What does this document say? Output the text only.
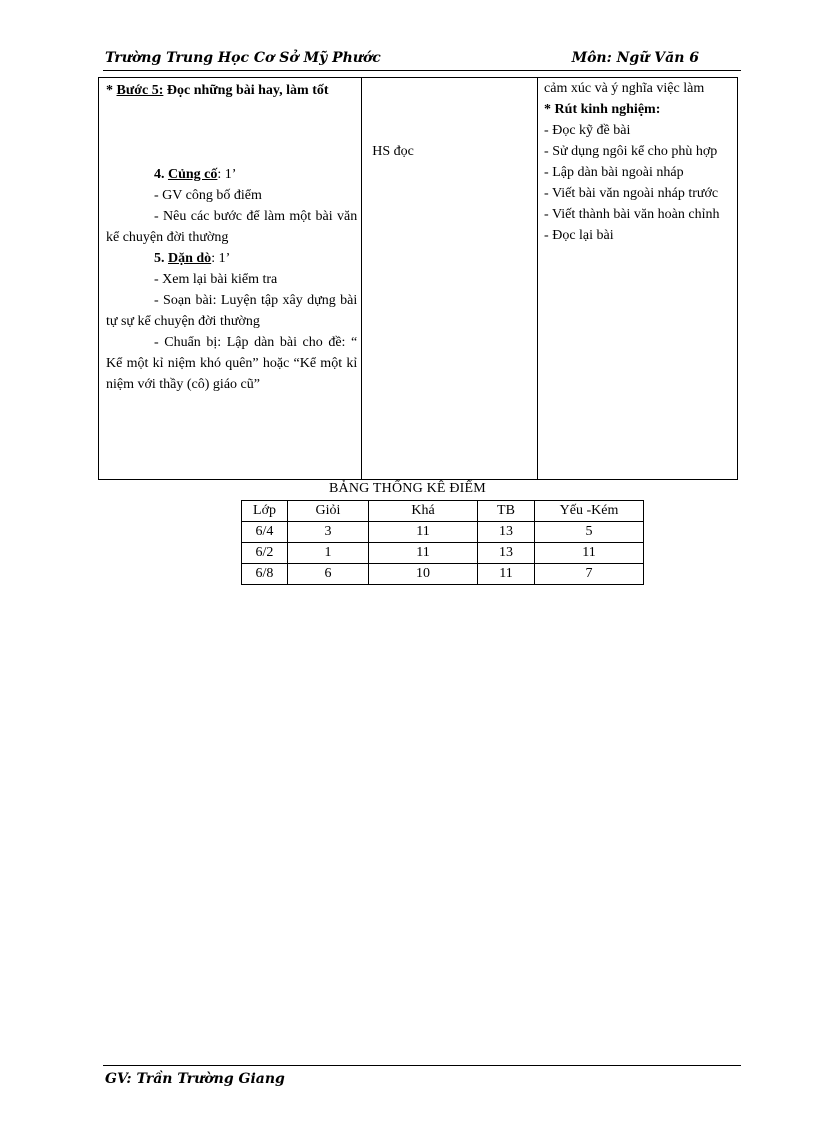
Trường Trung Học Cơ Sở Mỹ Phước	Môn: Ngữ Văn 6
* Bước 5: Đọc những bài hay, làm tốt
4. Củng cố: 1’
- GV công bố điểm
- Nêu các bước để làm một bài văn kể chuyện đời thường
5. Dặn dò: 1’
- Xem lại bài kiểm tra
- Soạn bài: Luyện tập xây dựng bài tự sự kể chuyện đời thường
- Chuẩn bị: Lập dàn bài cho đề: “ Kể một kỉ niệm khó quên” hoặc “Kể một kỉ niệm với thầy (cô) giáo cũ”

HS đọc

cảm xúc và ý nghĩa việc làm
* Rút kinh nghiệm:
- Đọc kỹ đề bài
- Sử dụng ngôi kể cho phù hợp
- Lập dàn bài ngoài nháp
- Viết bài văn ngoài nháp trước
- Viết thành bài văn hoàn chỉnh
- Đọc lại bài
BẢNG THỐNG KÊ ĐIỂM
Lớp	Giỏi	Khá	TB	Yếu -Kém
6/4	3	11	13	5
6/2	1	11	13	11
6/8	6	10	11	7
GV: Trần Trường Giang
